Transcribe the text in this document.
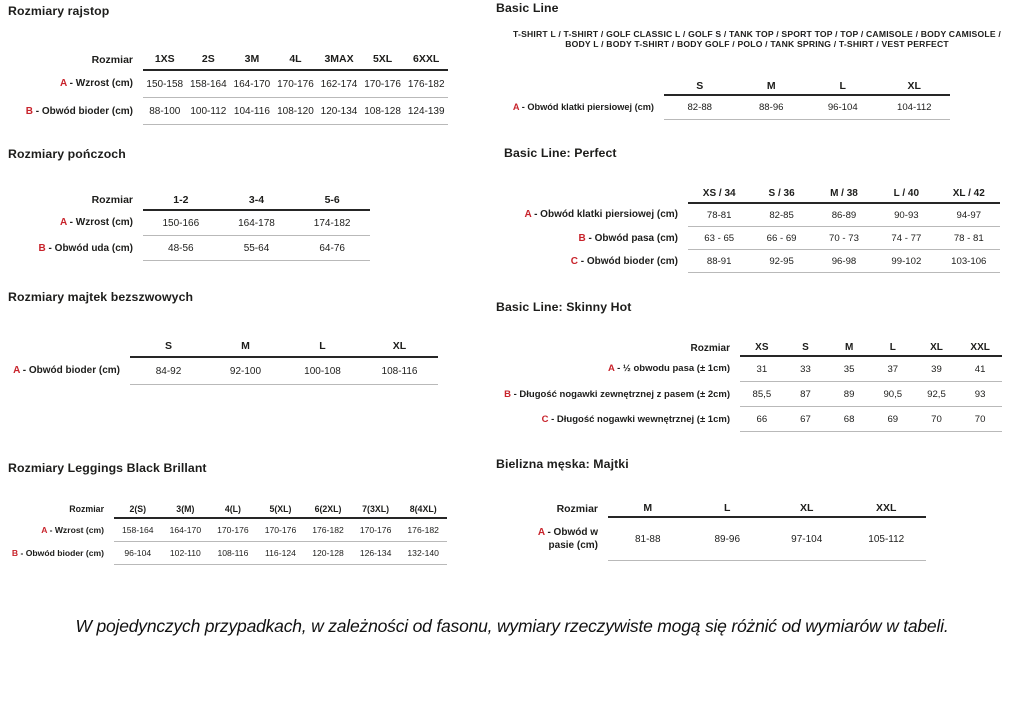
Rozmiary rajstop
Rozmiar	1XS	2S	3M	4L	3MAX	5XL	6XXL
A - Wzrost (cm)	150-158	158-164	164-170	170-176	162-174	170-176	176-182
B - Obwód bioder (cm)	88-100	100-112	104-116	108-120	120-134	108-128	124-139
Rozmiary pończoch
Rozmiar	1-2	3-4	5-6
A - Wzrost (cm)	150-166	164-178	174-182
B - Obwód uda (cm)	48-56	55-64	64-76
Rozmiary majtek bezszwowych
	S	M	L	XL
A - Obwód bioder (cm)	84-92	92-100	100-108	108-116
Rozmiary Leggings Black Brillant
Rozmiar	2(S)	3(M)	4(L)	5(XL)	6(2XL)	7(3XL)	8(4XL)
A - Wzrost (cm)	158-164	164-170	170-176	170-176	176-182	170-176	176-182
B - Obwód bioder (cm)	96-104	102-110	108-116	116-124	120-128	126-134	132-140
Basic Line
T-SHIRT L / T-SHIRT / GOLF CLASSIC L / GOLF S / TANK TOP / SPORT TOP / TOP / CAMISOLE / BODY CAMISOLE / BODY L / BODY T-SHIRT / BODY GOLF / POLO / TANK SPRING / T-SHIRT / VEST PERFECT
	S	M	L	XL
A - Obwód klatki piersiowej (cm)	82-88	88-96	96-104	104-112
Basic Line: Perfect
	XS / 34	S / 36	M / 38	L / 40	XL / 42
A - Obwód klatki piersiowej (cm)	78-81	82-85	86-89	90-93	94-97
B - Obwód pasa (cm)	63 - 65	66 - 69	70 - 73	74 - 77	78 - 81
C - Obwód bioder (cm)	88-91	92-95	96-98	99-102	103-106
Basic Line: Skinny Hot
Rozmiar	XS	S	M	L	XL	XXL
A - ½ obwodu pasa (± 1cm)	31	33	35	37	39	41
B - Długość nogawki zewnętrznej z pasem (± 2cm)	85,5	87	89	90,5	92,5	93
C - Długość nogawki wewnętrznej (± 1cm)	66	67	68	69	70	70
Bielizna męska: Majtki
Rozmiar	M	L	XL	XXL
A - Obwód w pasie (cm)	81-88	89-96	97-104	105-112
W pojedynczych przypadkach, w zależności od fasonu, wymiary rzeczywiste mogą się różnić od wymiarów w tabeli.
